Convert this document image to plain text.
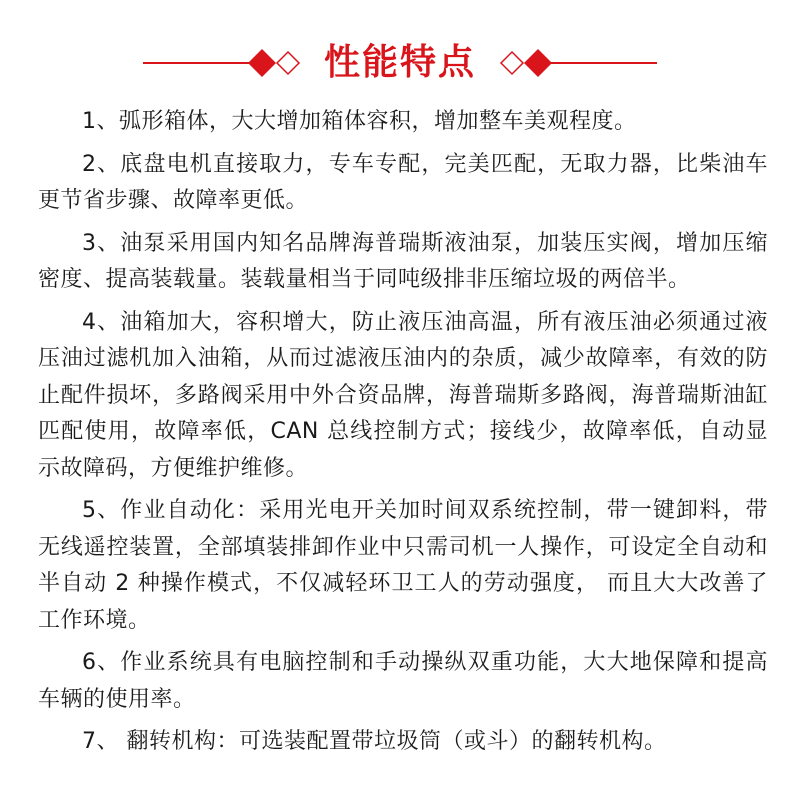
性能特点

1、弧形箱体，大大增加箱体容积，增加整车美观程度。

2、底盘电机直接取力，专车专配，完美匹配，无取力器，比柴油车更节省步骤、故障率更低。

3、油泵采用国内知名品牌海普瑞斯液油泵，加装压实阀，增加压缩密度、提高装载量。装载量相当于同吨级排非压缩垃圾的两倍半。

4、油箱加大，容积增大，防止液压油高温，所有液压油必须通过液压油过滤机加入油箱，从而过滤液压油内的杂质，减少故障率，有效的防止配件损坏，多路阀采用中外合资品牌，海普瑞斯多路阀，海普瑞斯油缸匹配使用，故障率低，CAN 总线控制方式；接线少，故障率低，自动显示故障码，方便维护维修。

5、作业自动化：采用光电开关加时间双系统控制，带一键卸料，带无线遥控装置，全部填装排卸作业中只需司机一人操作，可设定全自动和半自动 2 种操作模式，不仅减轻环卫工人的劳动强度， 而且大大改善了工作环境。

6、作业系统具有电脑控制和手动操纵双重功能，大大地保障和提高车辆的使用率。

7、 翻转机构：可选装配置带垃圾筒（或斗）的翻转机构。
